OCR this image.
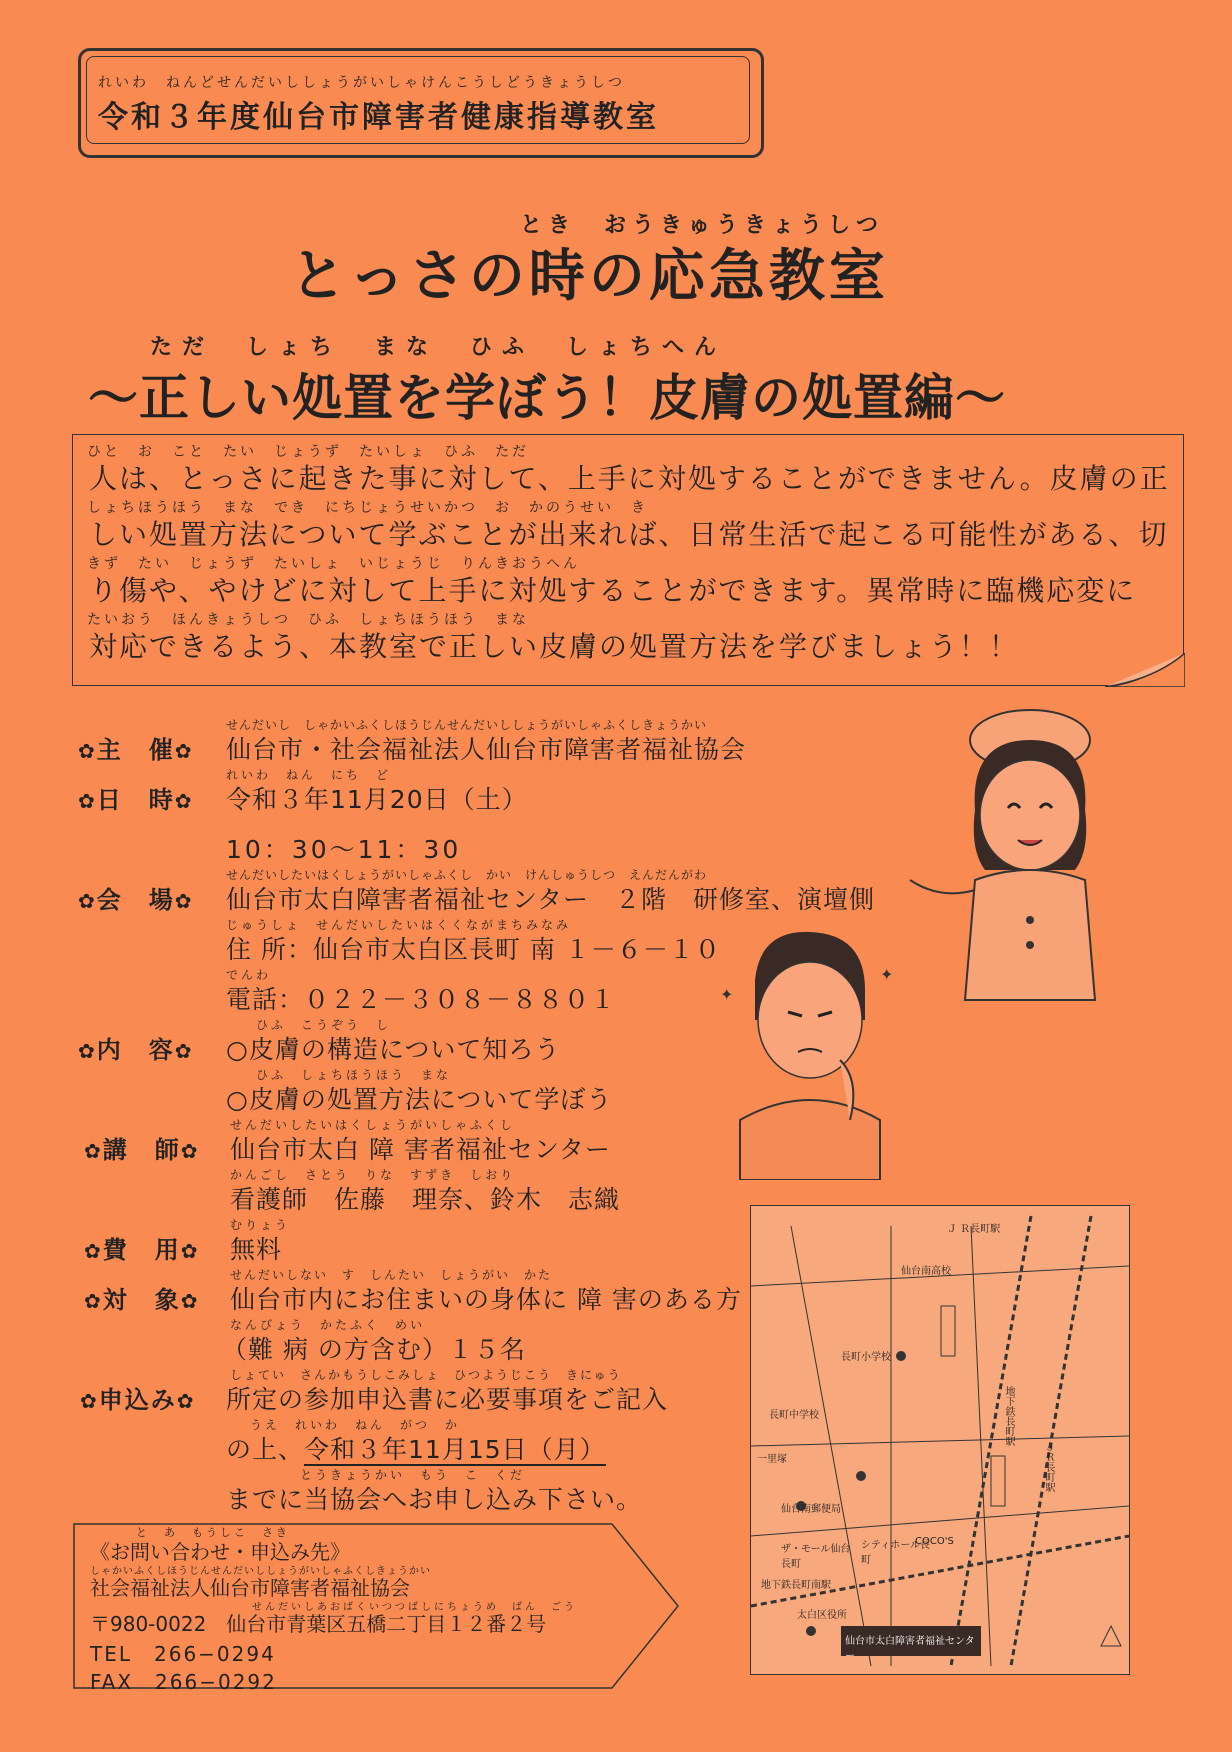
れいわ　ねんどせんだいししょうがいしゃけんこうしどうきょうしつ
令和３年度仙台市障害者健康指導教室
とき　おうきゅうきょうしつ
とっさの時の応急教室
ただ　しょち　まな　ひふ　しょちへん
～正しい処置を学ぼう！皮膚の処置編～
ひと　お　こと　たい　じょうず　たいしょ　ひふ　ただ
人は、とっさに起きた事に対して、上手に対処することができません。皮膚の正
しょちほうほう　まな　でき　にちじょうせいかつ　お　かのうせい　き
しい処置方法について学ぶことが出来れば、日常生活で起こる可能性がある、切
きず　たい　じょうず　たいしょ　いじょうじ　りんきおうへん
り傷や、やけどに対して上手に対処することができます。異常時に臨機応変に
たいおう　ほんきょうしつ　ひふ　しょちほうほう　まな
対応できるよう、本教室で正しい皮膚の処置方法を学びましょう！！
✿主　催✿
せんだいし　しゃかいふくしほうじんせんだいししょうがいしゃふくしきょうかい
仙台市・社会福祉法人仙台市障害者福祉協会
✿日　時✿
れいわ　ねん　にち　ど
令和３年11月20日（土）
10：30～11：30
✿会　場✿
せんだいしたいはくしょうがいしゃふくし　かい　けんしゅうしつ　えんだんがわ
仙台市太白障害者福祉センター　２階　研修室、演壇側
じゅうしょ　せんだいしたいはくくながまちみなみ
住 所：仙台市太白区長町 南 １－６－１０
でんわ
電話：０２２－３０８－８８０１
✿内　容✿
ひふ　こうぞう　し
○皮膚の構造について知ろう
ひふ　しょちほうほう　まな
○皮膚の処置方法について学ぼう
✿講　師✿
せんだいしたいはくしょうがいしゃふくし
仙台市太白 障 害者福祉センター
かんごし　さとう　りな　すずき　しおり
看護師　佐藤　理奈、鈴木　志織
✿費　用✿
むりょう
無料
✿対　象✿
せんだいしない　す　しんたい　しょうがい　かた
仙台市内にお住まいの身体に 障 害のある方
なんびょう　かたふく　めい
（難 病 の方含む）１５名
✿申込み✿
しょてい　さんかもうしこみしょ　ひつようじこう　きにゅう
所定の参加申込書に必要事項をご記入
うえ　れいわ　ねん　がつ　か
の上、令和３年11月15日（月）
とうきょうかい　もう　こ　くだ
までに当協会へお申し込み下さい。
✦
✦
Ｊ Ｒ長町駅
仙台南高校
長町小学校
長町中学校
一里塚
仙台南郵便局
ザ・モール仙台長町
シティホール長町
COCO'S
地下鉄長町南駅
太白区役所
仙台市太白障害者福祉センター
地下鉄長町駅
ＪＲ長町駅
と　あ　もうしこ　さき
《お問い合わせ・申込み先》
しゃかいふくしほうじんせんだいししょうがいしゃふくしきょうかい
社会福祉法人仙台市障害者福祉協会
せんだいしあおばくいつつばしにちょうめ　ばん　ごう
〒980-0022　 仙台市青葉区五橋二丁目１２番２号
TEL　266−0294
FAX　266−0292
